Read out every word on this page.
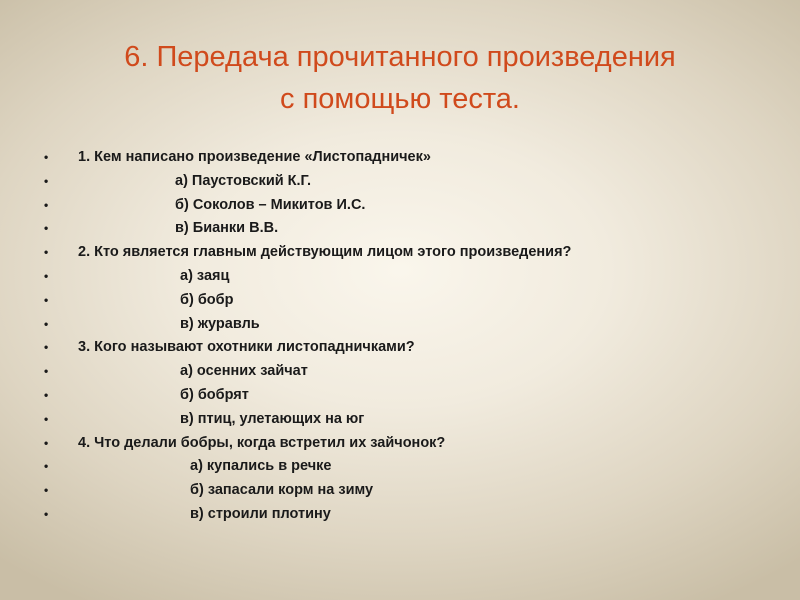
6. Передача прочитанного произведения
с помощью теста.
•	1. Кем написано произведение «Листопадничек»
•	а) Паустовский К.Г.
•	б) Соколов – Микитов И.С.
•	в) Бианки В.В.
•	2. Кто является главным действующим лицом этого произведения?
•	а) заяц
•	б) бобр
•	в) журавль
•	3. Кого называют охотники листопадничками?
•	а) осенних зайчат
•	б) бобрят
•	в) птиц, улетающих на юг
•	4. Что делали бобры, когда встретил их зайчонок?
•	а) купались в речке
•	б) запасали корм на зиму
•	в) строили плотину
